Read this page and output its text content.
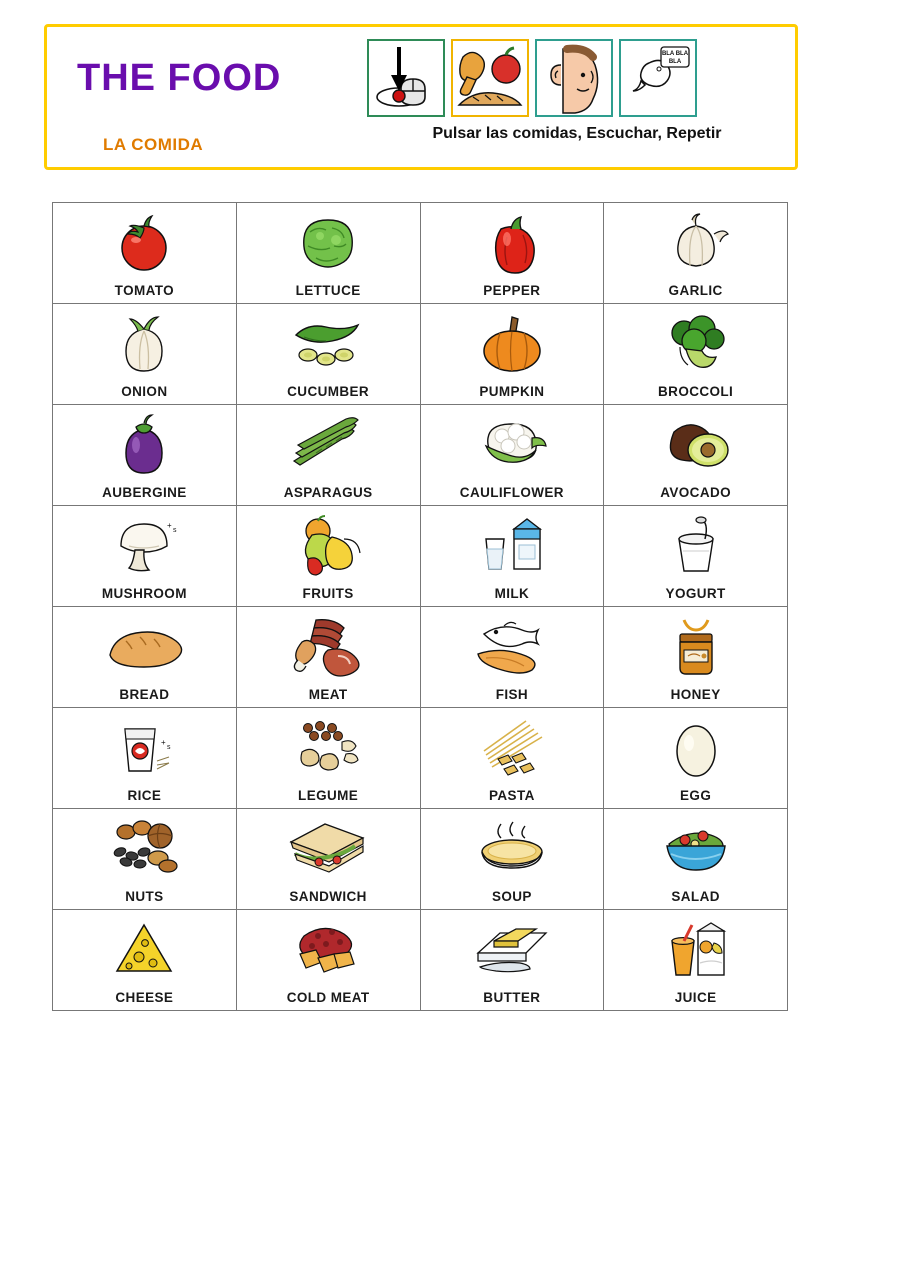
THE FOOD
LA COMIDA
BLA BLA
BLA
Pulsar las comidas, Escuchar, Repetir
TOMATO	LETTUCE	PEPPER	GARLIC
ONION	CUCUMBER	PUMPKIN	BROCCOLI
AUBERGINE	ASPARAGUS	CAULIFLOWER	AVOCADO
+
s
MUSHROOM	FRUITS	MILK	YOGURT
BREAD	MEAT	FISH	HONEY
+
s
RICE	LEGUME	PASTA	EGG
NUTS	SANDWICH	SOUP	SALAD
CHEESE	COLD MEAT	BUTTER	JUICE
